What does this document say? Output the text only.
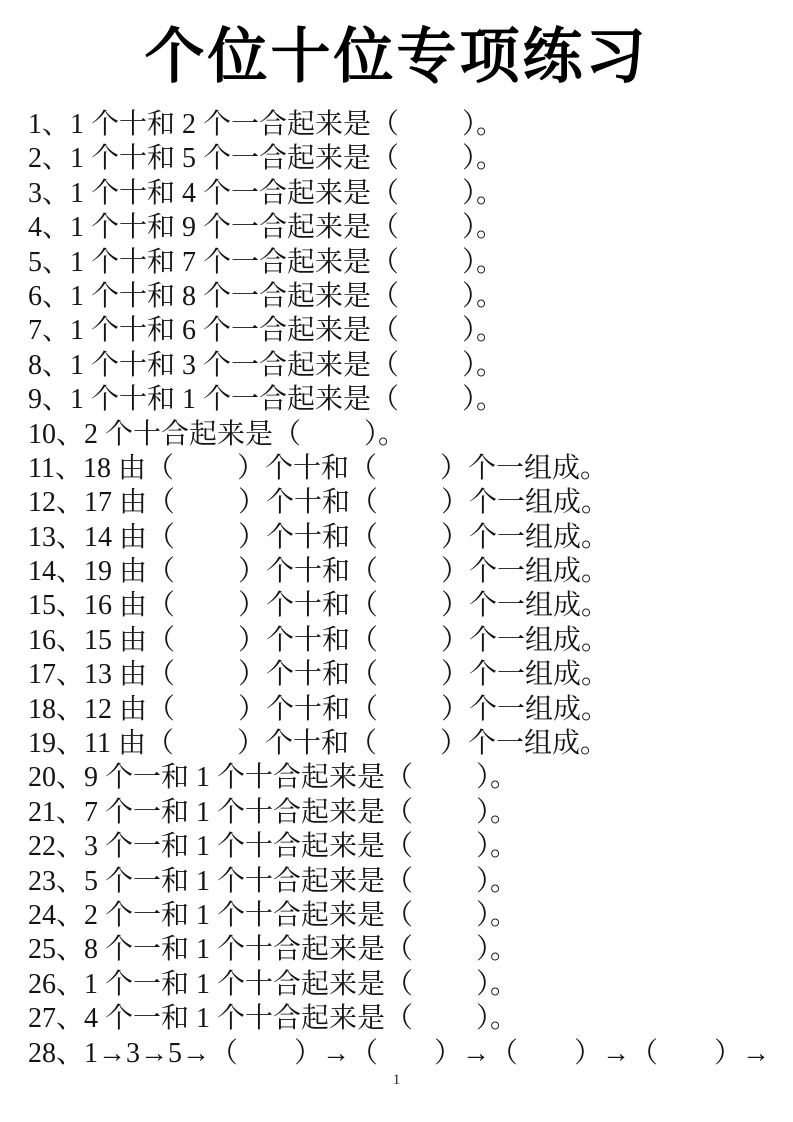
个位十位专项练习
1、1 个十和 2 个一合起来是（　　 ）。
2、1 个十和 5 个一合起来是（　　 ）。
3、1 个十和 4 个一合起来是（　　 ）。
4、1 个十和 9 个一合起来是（　　 ）。
5、1 个十和 7 个一合起来是（　　 ）。
6、1 个十和 8 个一合起来是（　　 ）。
7、1 个十和 6 个一合起来是（　　 ）。
8、1 个十和 3 个一合起来是（　　 ）。
9、1 个十和 1 个一合起来是（　　 ）。
10、2 个十合起来是（　　 ）。
11、18 由（　　 ）个十和（　　 ）个一组成。
12、17 由（　　 ）个十和（　　 ）个一组成。
13、14 由（　　 ）个十和（　　 ）个一组成。
14、19 由（　　 ）个十和（　　 ）个一组成。
15、16 由（　　 ）个十和（　　 ）个一组成。
16、15 由（　　 ）个十和（　　 ）个一组成。
17、13 由（　　 ）个十和（　　 ）个一组成。
18、12 由（　　 ）个十和（　　 ）个一组成。
19、11 由（　　 ）个十和（　　 ）个一组成。
20、9 个一和 1 个十合起来是（　　 ）。
21、7 个一和 1 个十合起来是（　　 ）。
22、3 个一和 1 个十合起来是（　　 ）。
23、5 个一和 1 个十合起来是（　　 ）。
24、2 个一和 1 个十合起来是（　　 ）。
25、8 个一和 1 个十合起来是（　　 ）。
26、1 个一和 1 个十合起来是（　　 ）。
27、4 个一和 1 个十合起来是（　　 ）。
28、1→3→5→（　　）→（　　）→（　　）→（　　）→
1
